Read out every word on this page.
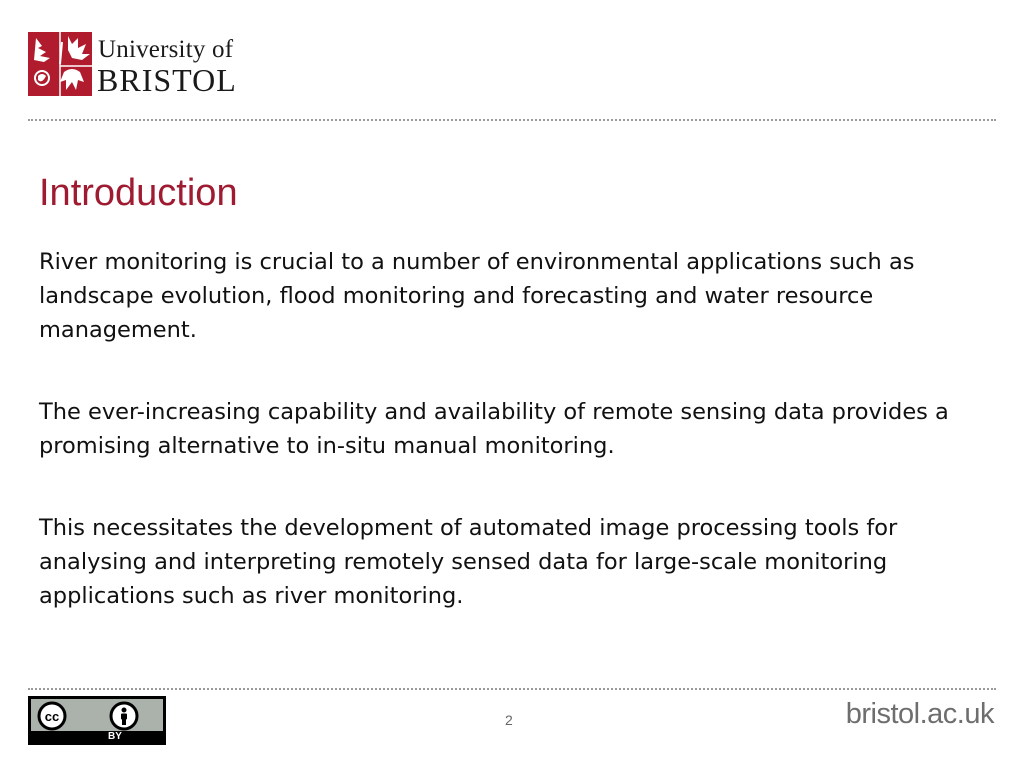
University of
BRISTOL
Introduction

River monitoring is crucial to a number of environmental applications such as landscape evolution, flood monitoring and forecasting and water resource management.

The ever-increasing capability and availability of remote sensing data provides a promising alternative to in-situ manual monitoring.

This necessitates the development of automated image processing tools for analysing and interpreting remotely sensed data for large-scale monitoring applications such as river monitoring.

cc
BY
2	bristol.ac.uk
